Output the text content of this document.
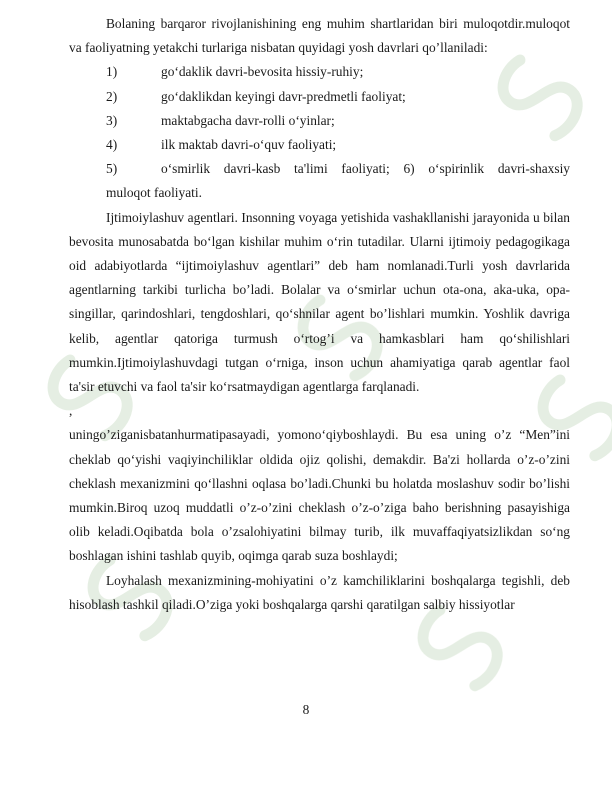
Bolaning barqaror rivojlanishining eng muhim shartlaridan biri muloqotdir.muloqot va faoliyatning yetakchi turlariga nisbatan quyidagi yosh davrlari qo’llaniladi:

1)	go‘daklik davri-bevosita hissiy-ruhiy;
2)	go‘daklikdan keyingi davr-predmetli faoliyat;
3)	maktabgacha davr-rolli o‘yinlar;
4)	ilk maktab davri-o‘quv faoliyati;
5)	o‘smirlik davri-kasb ta'limi faoliyati; 6) o‘spirinlik davri-shaxsiy

muloqot faoliyati.

Ijtimoiylashuv agentlari. Insonning voyaga yetishida vashakllanishi jarayonida u bilan bevosita munosabatda bo‘lgan kishilar muhim o‘rin tutadilar. Ularni ijtimoiy pedagogikaga oid adabiyotlarda “ijtimoiylashuv agentlari” deb ham nomlanadi.Turli yosh davrlarida agentlarning tarkibi turlicha bo’ladi. Bolalar va o‘smirlar uchun ota-ona, aka-uka, opa-singillar, qarindoshlari, tengdoshlari, qo‘shnilar agent bo’lishlari mumkin. Yoshlik davriga kelib, agentlar qatoriga turmush o‘rtog’i va hamkasblari ham qo‘shilishlari mumkin.Ijtimoiylashuvdagi tutgan o‘rniga, inson uchun ahamiyatiga qarab agentlar faol ta'sir etuvchi va faol ta'sir ko‘rsatmaydigan agentlarga farqlanadi.

,

uningo’ziganisbatanhurmatipasayadi, yomono‘qiyboshlaydi. Bu esa uning o’z “Men”ini cheklab qo‘yishi vaqiyinchiliklar oldida ojiz qolishi, demakdir. Ba'zi hollarda o’z-o’zini cheklash mexanizmini qo‘llashni oqlasa bo’ladi.Chunki bu holatda moslashuv sodir bo’lishi mumkin.Biroq uzoq muddatli o’z-o’zini cheklash o’z-o’ziga baho berishning pasayishiga olib keladi.Oqibatda bola o’zsalohiyatini bilmay turib, ilk muvaffaqiyatsizlikdan so‘ng boshlagan ishini tashlab quyib, oqimga qarab suza boshlaydi;

Loyhalash mexanizmining-mohiyatini o’z kamchiliklarini boshqalarga tegishli, deb hisoblash tashkil qiladi.O’ziga yoki boshqalarga qarshi qaratilgan salbiy hissiyotlar

8
